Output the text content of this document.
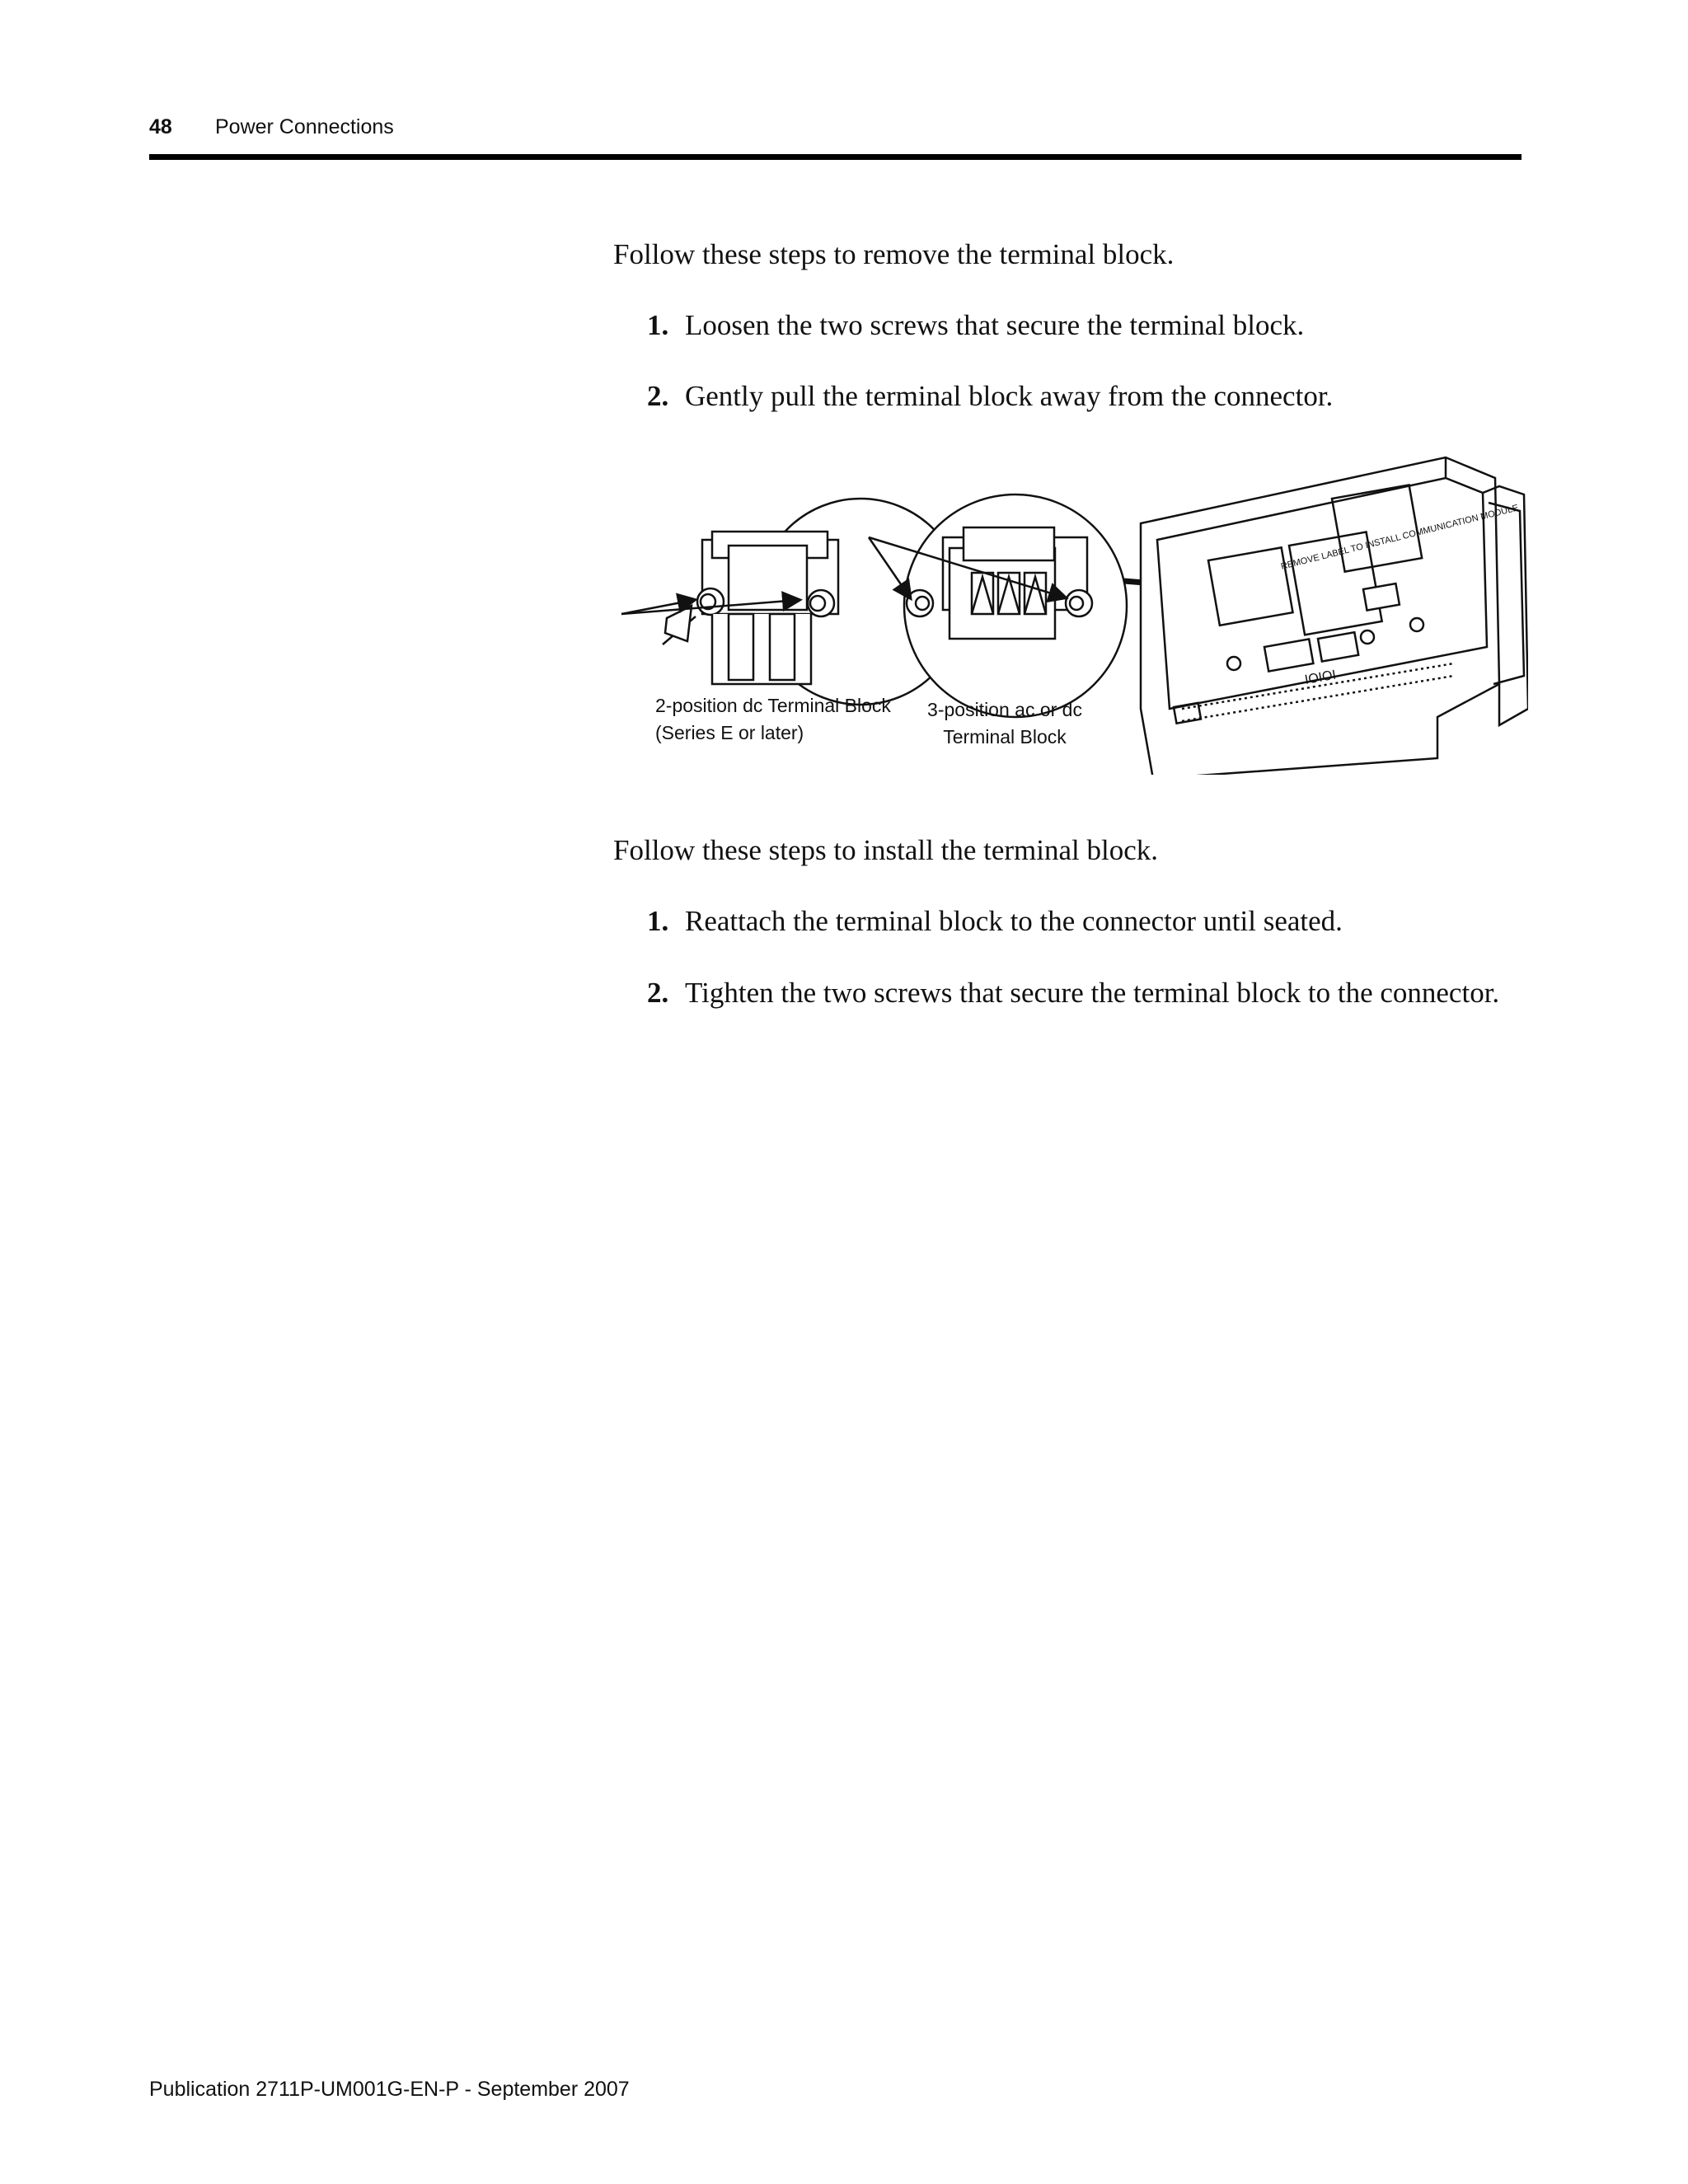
48 Power Connections

Follow these steps to remove the terminal block.

1. Loosen the two screws that secure the terminal block.
2. Gently pull the terminal block away from the connector.
REMOVE LABEL TO INSTALL COMMUNICATION MODULE
IOIOI
2-position dc Terminal Block
(Series E or later)
3-position ac or dc
Terminal Block

Follow these steps to install the terminal block.

1. Reattach the terminal block to the connector until seated.
2. Tighten the two screws that secure the terminal block to the connector.
Publication 2711P-UM001G-EN-P - September 2007
